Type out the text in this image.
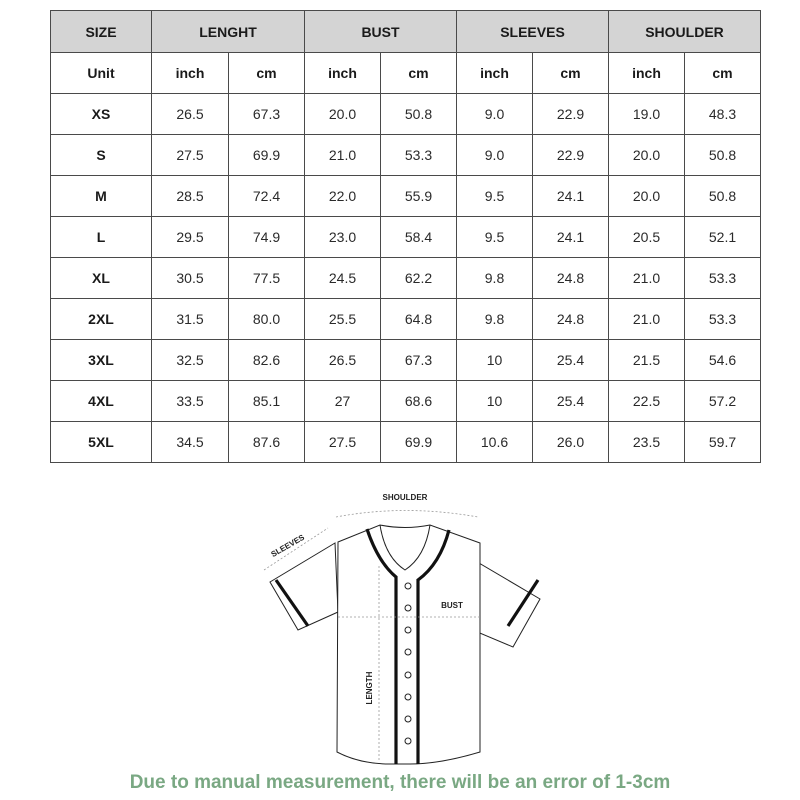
SIZE	LENGHT		BUST		SLEEVES		SHOULDER	
Unit	inch	cm	inch	cm	inch	cm	inch	cm
XS	26.5	67.3	20.0	50.8	9.0	22.9	19.0	48.3
S	27.5	69.9	21.0	53.3	9.0	22.9	20.0	50.8
M	28.5	72.4	22.0	55.9	9.5	24.1	20.0	50.8
L	29.5	74.9	23.0	58.4	9.5	24.1	20.5	52.1
XL	30.5	77.5	24.5	62.2	9.8	24.8	21.0	53.3
2XL	31.5	80.0	25.5	64.8	9.8	24.8	21.0	53.3
3XL	32.5	82.6	26.5	67.3	10	25.4	21.5	54.6
4XL	33.5	85.1	27	68.6	10	25.4	22.5	57.2
5XL	34.5	87.6	27.5	69.9	10.6	26.0	23.5	59.7
SHOULDER
SLEEVES
BUST
LENGTH
Due to manual measurement, there will be an error of 1-3cm
